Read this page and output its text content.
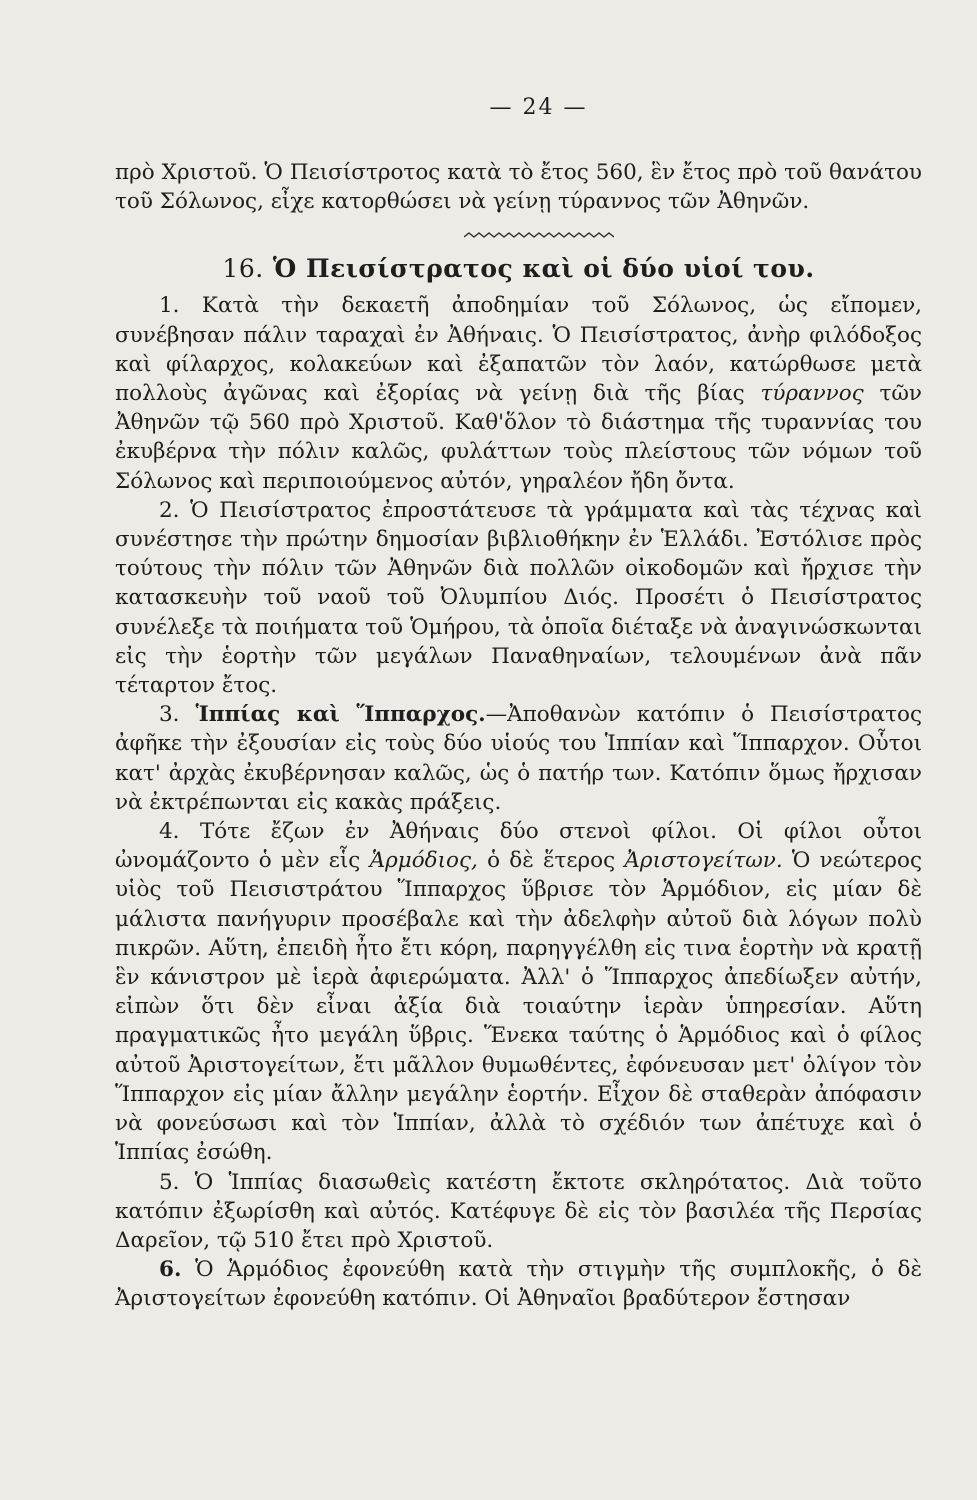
— 24 —

πρὸ Χριστοῦ. Ὁ Πεισίστροτος κατὰ τὸ ἔτος 560, ἓν ἔτος πρὸ τοῦ θανάτου τοῦ Σόλωνος, εἶχε κατορθώσει νὰ γείνῃ τύραννος τῶν Ἀθηνῶν.

16. Ὁ Πεισίστρατος καὶ οἱ δύο υἱοί του.

1. Κατὰ τὴν δεκαετῆ ἀποδημίαν τοῦ Σόλωνος, ὡς εἴπομεν, συνέβησαν πάλιν ταραχαὶ ἐν Ἀθήναις. Ὁ Πεισίστρατος, ἀνὴρ φιλόδοξος καὶ φίλαρχος, κολακεύων καὶ ἐξαπατῶν τὸν λαόν, κατώρθωσε μετὰ πολλοὺς ἀγῶνας καὶ ἐξορίας νὰ γείνῃ διὰ τῆς βίας τύραννος τῶν Ἀθηνῶν τῷ 560 πρὸ Χριστοῦ. Καθ'ὅλον τὸ διάστημα τῆς τυραννίας του ἐκυβέρνα τὴν πόλιν καλῶς, φυλάττων τοὺς πλείστους τῶν νόμων τοῦ Σόλωνος καὶ περιποιούμενος αὐτόν, γηραλέον ἤδη ὄντα.

2. Ὁ Πεισίστρατος ἐπροστάτευσε τὰ γράμματα καὶ τὰς τέχνας καὶ συνέστησε τὴν πρώτην δημοσίαν βιβλιοθήκην ἐν Ἑλλάδι. Ἐστόλισε πρὸς τούτους τὴν πόλιν τῶν Ἀθηνῶν διὰ πολλῶν οἰκοδομῶν καὶ ἤρχισε τὴν κατασκευὴν τοῦ ναοῦ τοῦ Ὀλυμπίου Διός. Προσέτι ὁ Πεισίστρατος συνέλεξε τὰ ποιήματα τοῦ Ὁμήρου, τὰ ὁποῖα διέταξε νὰ ἀναγινώσκωνται εἰς τὴν ἑορτὴν τῶν μεγάλων Παναθηναίων, τελουμένων ἀνὰ πᾶν τέταρτον ἔτος.

3. Ἱππίας καὶ Ἵππαρχος.—Ἀποθανὼν κατόπιν ὁ Πεισίστρατος ἀφῆκε τὴν ἐξουσίαν εἰς τοὺς δύο υἱούς του Ἱππίαν καὶ Ἵππαρχον. Οὗτοι κατ' ἀρχὰς ἐκυβέρνησαν καλῶς, ὡς ὁ πατήρ των. Κατόπιν ὅμως ἤρχισαν νὰ ἐκτρέπωνται εἰς κακὰς πράξεις.

4. Τότε ἔζων ἐν Ἀθήναις δύο στενοὶ φίλοι. Οἱ φίλοι οὗτοι ὠνομάζοντο ὁ μὲν εἷς Ἁρμόδιος, ὁ δὲ ἕτερος Ἀριστογείτων. Ὁ νεώτερος υἱὸς τοῦ Πεισιστράτου Ἵππαρχος ὕβρισε τὸν Ἁρμόδιον, εἰς μίαν δὲ μάλιστα πανήγυριν προσέβαλε καὶ τὴν ἀδελφὴν αὐτοῦ διὰ λόγων πολὺ πικρῶν. Αὕτη, ἐπειδὴ ἦτο ἔτι κόρη, παρηγγέλθη εἰς τινα ἑορτὴν νὰ κρατῇ ἓν κάνιστρον μὲ ἱερὰ ἀφιερώματα. Ἀλλ' ὁ Ἵππαρχος ἀπεδίωξεν αὐτήν, εἰπὼν ὅτι δὲν εἶναι ἀξία διὰ τοιαύτην ἱερὰν ὑπηρεσίαν. Αὕτη πραγματικῶς ἦτο μεγάλη ὕβρις. Ἕνεκα ταύτης ὁ Ἁρμόδιος καὶ ὁ φίλος αὐτοῦ Ἀριστογείτων, ἔτι μᾶλλον θυμωθέντες, ἐφόνευσαν μετ' ὀλίγον τὸν Ἵππαρχον εἰς μίαν ἄλλην μεγάλην ἑορτήν. Εἶχον δὲ σταθερὰν ἀπόφασιν νὰ φονεύσωσι καὶ τὸν Ἱππίαν, ἀλλὰ τὸ σχέδιόν των ἀπέτυχε καὶ ὁ Ἱππίας ἐσώθη.

5. Ὁ Ἱππίας διασωθεὶς κατέστη ἔκτοτε σκληρότατος. Διὰ τοῦτο κατόπιν ἐξωρίσθη καὶ αὐτός. Κατέφυγε δὲ εἰς τὸν βασιλέα τῆς Περσίας Δαρεῖον, τῷ 510 ἔτει πρὸ Χριστοῦ.

6. Ὁ Ἁρμόδιος ἐφονεύθη κατὰ τὴν στιγμὴν τῆς συμπλοκῆς, ὁ δὲ Ἀριστογείτων ἐφονεύθη κατόπιν. Οἱ Ἀθηναῖοι βραδύτερον ἔστησαν
